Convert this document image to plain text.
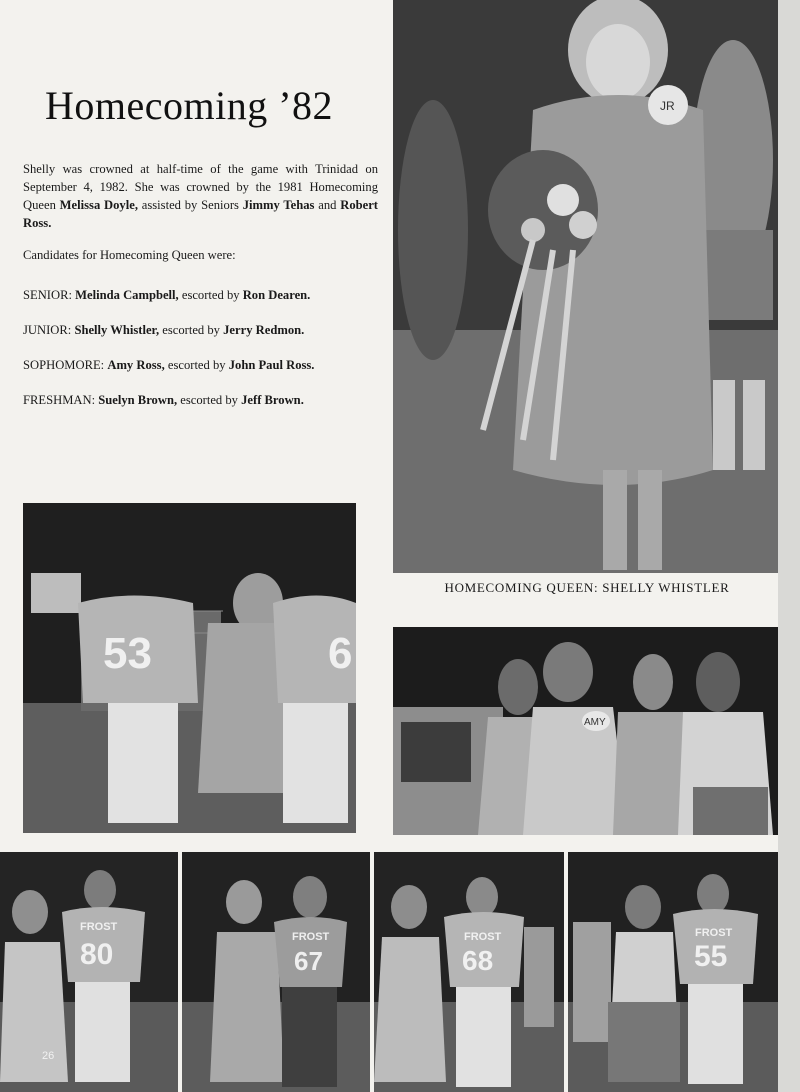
Homecoming ’82

Shelly was crowned at half-time of the game with Trinidad on September 4, 1982. She was crowned by the 1981 Homecoming Queen Melissa Doyle, assisted by Seniors Jimmy Tehas and Robert Ross.

Candidates for Homecoming Queen were:

SENIOR: Melinda Campbell, escorted by Ron Dearen.
JUNIOR: Shelly Whistler, escorted by Jerry Redmon.
SOPHOMORE: Amy Ross, escorted by John Paul Ross.
FRESHMAN: Suelyn Brown, escorted by Jeff Brown.
JR

HOMECOMING QUEEN: SHELLY WHISTLER

53	6
AMY
FROST
80
FROST
67
FROST
68
FROST
55
26
